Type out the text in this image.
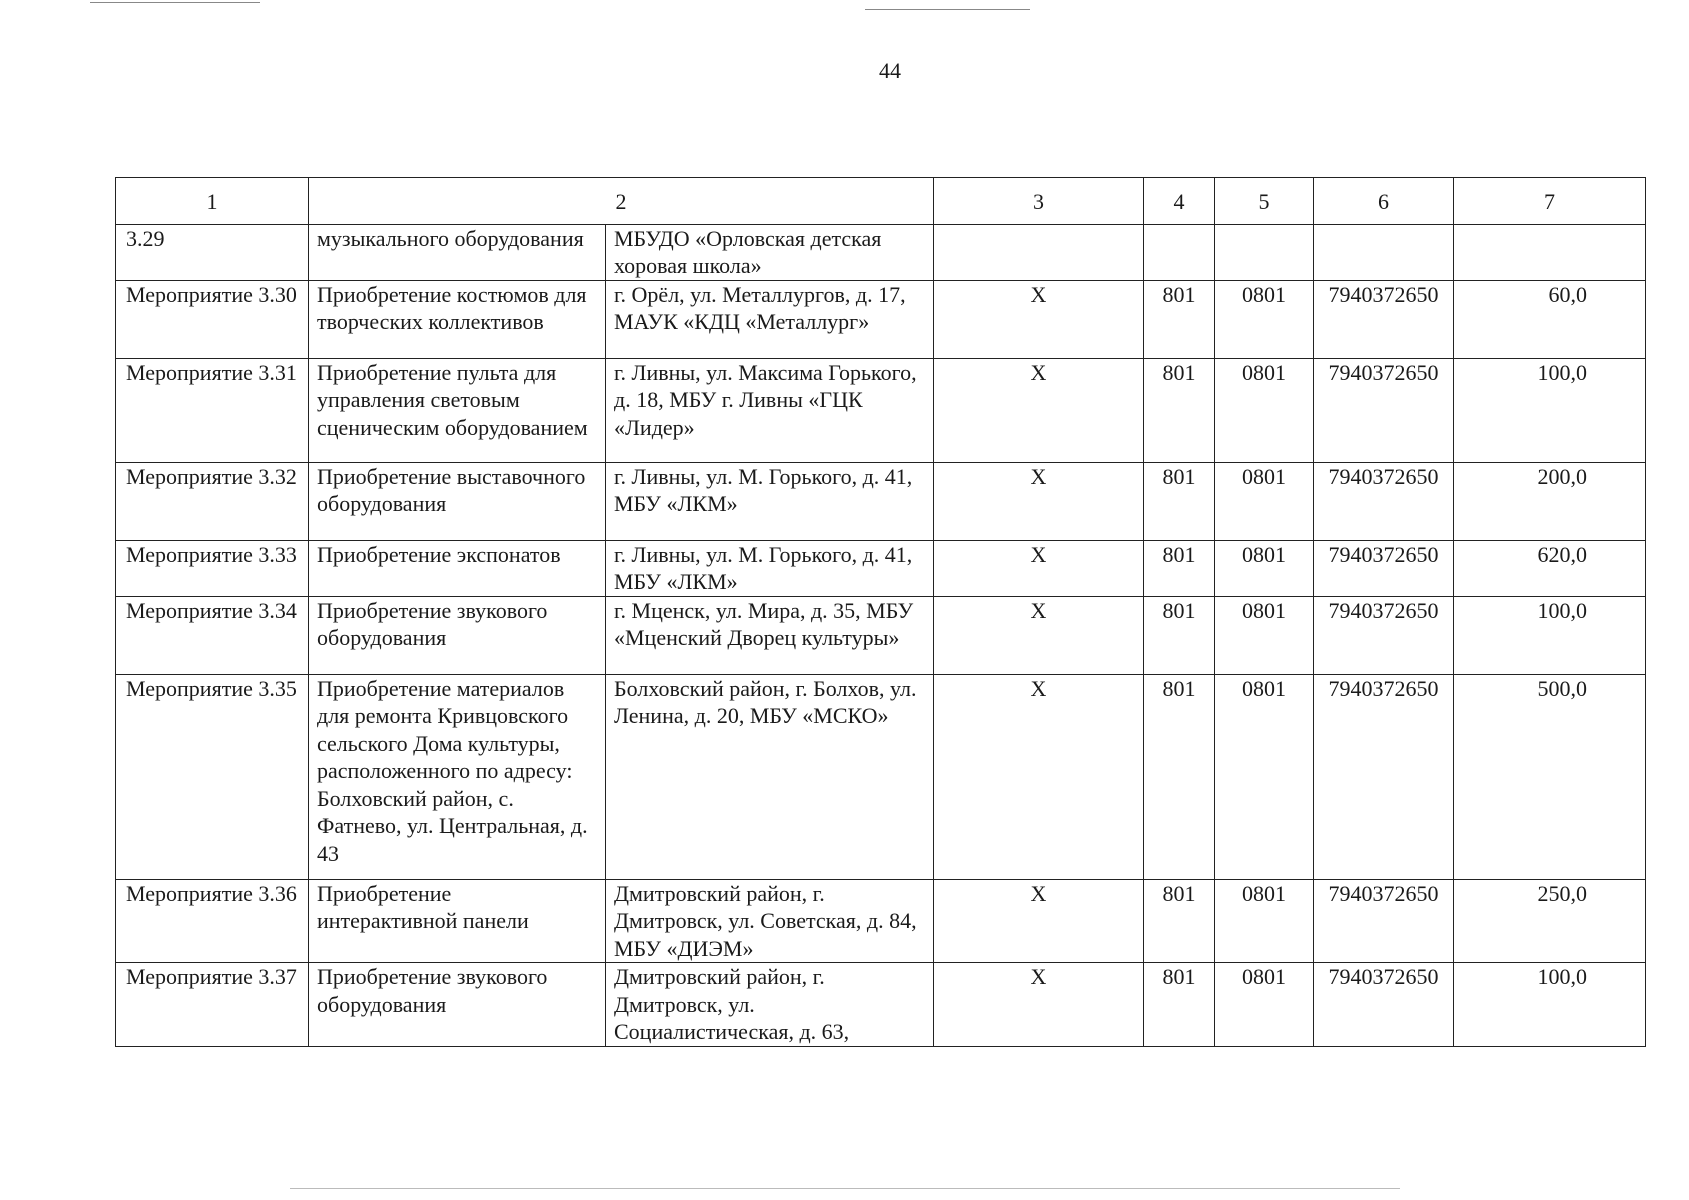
44
1	2		3	4	5	6	7
3.29	музыкального оборудования	МБУДО «Орловская детская хоровая школа»					
Мероприятие 3.30	Приобретение костюмов для творческих коллективов	г. Орёл, ул. Металлургов, д. 17, МАУК «КДЦ «Металлург»	Х	801	0801	7940372650	60,0
Мероприятие 3.31	Приобретение пульта для управления световым сценическим оборудованием	г. Ливны, ул. Максима Горького, д. 18, МБУ г. Ливны «ГЦК «Лидер»	Х	801	0801	7940372650	100,0
Мероприятие 3.32	Приобретение выставочного оборудования	г. Ливны, ул. М. Горького, д. 41, МБУ «ЛКМ»	Х	801	0801	7940372650	200,0
Мероприятие 3.33	Приобретение экспонатов	г. Ливны, ул. М. Горького, д. 41, МБУ «ЛКМ»	Х	801	0801	7940372650	620,0
Мероприятие 3.34	Приобретение звукового оборудования	г. Мценск, ул. Мира, д. 35, МБУ «Мценский Дворец культуры»	Х	801	0801	7940372650	100,0
Мероприятие 3.35	Приобретение материалов для ремонта Кривцовского сельского Дома культуры, расположенного по адресу: Болховский район, с. Фатнево, ул. Центральная, д. 43	Болховский район, г. Болхов, ул. Ленина, д. 20, МБУ «МСКО»	Х	801	0801	7940372650	500,0
Мероприятие 3.36	Приобретение интерактивной панели	Дмитровский район, г. Дмитровск, ул. Советская, д. 84, МБУ «ДИЭМ»	Х	801	0801	7940372650	250,0
Мероприятие 3.37	Приобретение звукового оборудования	Дмитровский район, г. Дмитровск, ул. Социалистическая, д. 63,	Х	801	0801	7940372650	100,0
